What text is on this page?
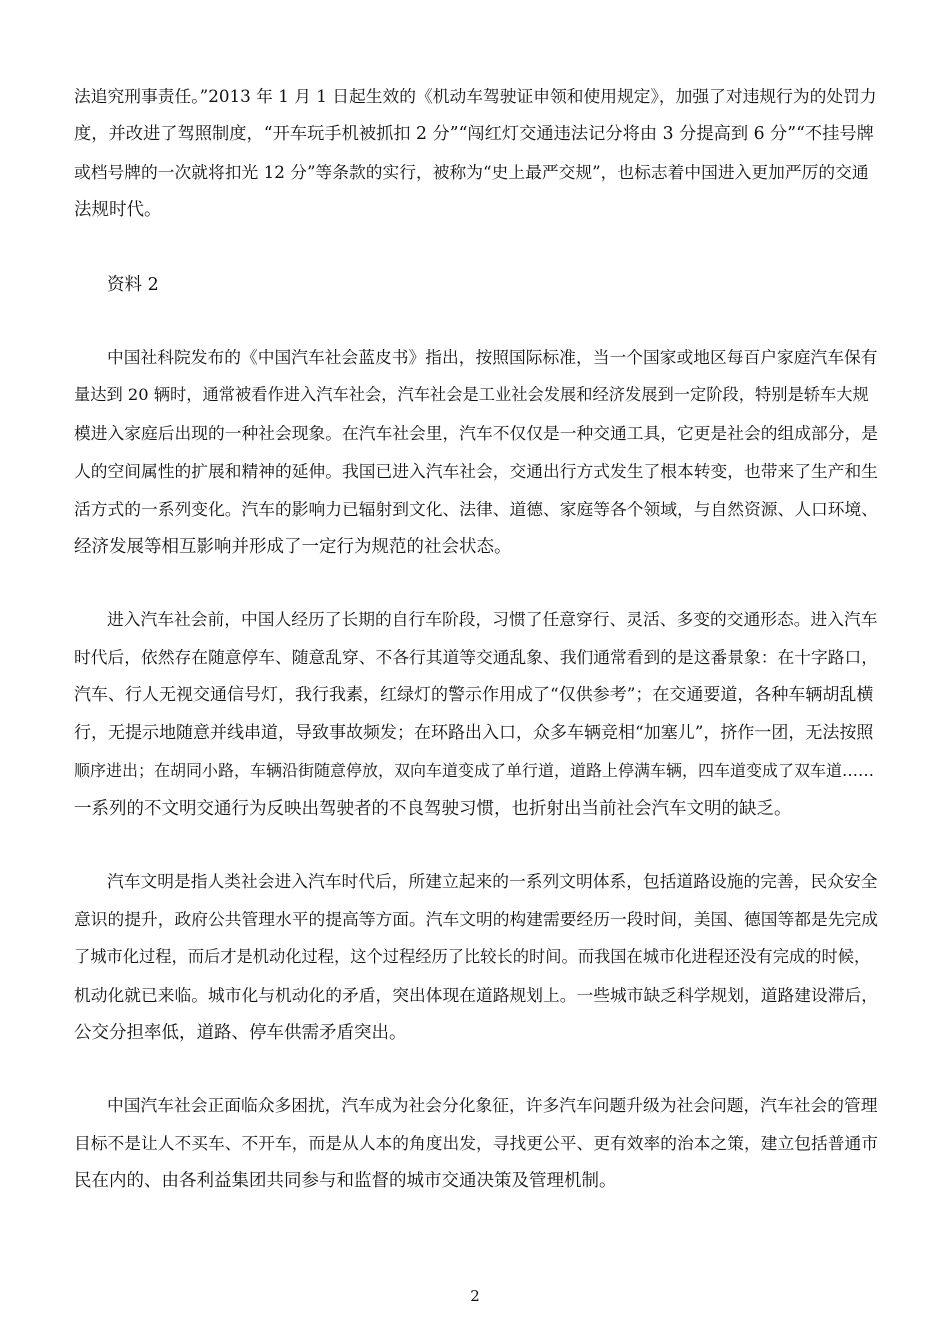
法追究刑事责任。”2013 年 1 月 1 日起生效的《机动车驾驶证申领和使用规定》，加强了对违规行为的处罚力

度，并改进了驾照制度，“开车玩手机被抓扣 2 分”“闯红灯交通违法记分将由 3 分提高到 6 分”“不挂号牌

或档号牌的一次就将扣光 12 分”等条款的实行，被称为“史上最严交规”，也标志着中国进入更加严厉的交通

法规时代。

资料 2

中国社科院发布的《中国汽车社会蓝皮书》指出，按照国际标准，当一个国家或地区每百户家庭汽车保有

量达到 20 辆时，通常被看作进入汽车社会，汽车社会是工业社会发展和经济发展到一定阶段，特别是轿车大规

模进入家庭后出现的一种社会现象。在汽车社会里，汽车不仅仅是一种交通工具，它更是社会的组成部分，是

人的空间属性的扩展和精神的延伸。我国已进入汽车社会，交通出行方式发生了根本转变，也带来了生产和生

活方式的一系列变化。汽车的影响力已辐射到文化、法律、道德、家庭等各个领域，与自然资源、人口环境、

经济发展等相互影响并形成了一定行为规范的社会状态。

进入汽车社会前，中国人经历了长期的自行车阶段，习惯了任意穿行、灵活、多变的交通形态。进入汽车

时代后，依然存在随意停车、随意乱穿、不各行其道等交通乱象、我们通常看到的是这番景象：在十字路口，

汽车、行人无视交通信号灯，我行我素，红绿灯的警示作用成了“仅供参考”；在交通要道，各种车辆胡乱横

行，无提示地随意并线串道，导致事故频发；在环路出入口，众多车辆竞相“加塞儿”，挤作一团，无法按照

顺序进出；在胡同小路，车辆沿街随意停放，双向车道变成了单行道，道路上停满车辆，四车道变成了双车道……

一系列的不文明交通行为反映出驾驶者的不良驾驶习惯，也折射出当前社会汽车文明的缺乏。

汽车文明是指人类社会进入汽车时代后，所建立起来的一系列文明体系，包括道路设施的完善，民众安全

意识的提升，政府公共管理水平的提高等方面。汽车文明的构建需要经历一段时间，美国、德国等都是先完成

了城市化过程，而后才是机动化过程，这个过程经历了比较长的时间。而我国在城市化进程还没有完成的时候，

机动化就已来临。城市化与机动化的矛盾，突出体现在道路规划上。一些城市缺乏科学规划，道路建设滞后，

公交分担率低，道路、停车供需矛盾突出。

中国汽车社会正面临众多困扰，汽车成为社会分化象征，许多汽车问题升级为社会问题，汽车社会的管理

目标不是让人不买车、不开车，而是从人本的角度出发，寻找更公平、更有效率的治本之策，建立包括普通市

民在内的、由各利益集团共同参与和监督的城市交通决策及管理机制。

2
